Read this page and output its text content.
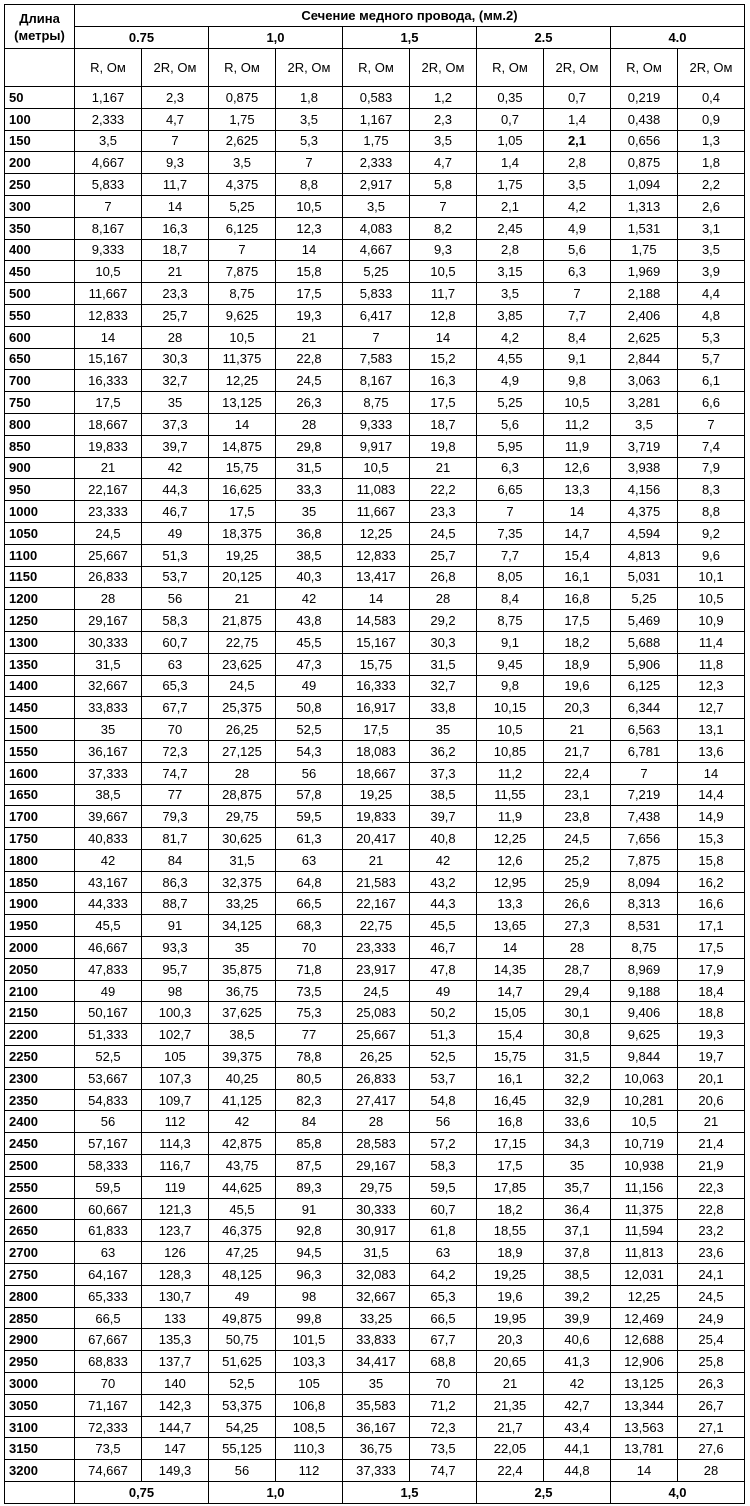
Длина
(метры)	Сечение медного провода, (мм.2)									
	0.75		1,0		1,5		2.5		4.0	
	R, Ом	2R, Ом	R, Ом	2R, Ом	R, Ом	2R, Ом	R, Ом	2R, Ом	R, Ом	2R, Ом
50	1,167	2,3	0,875	1,8	0,583	1,2	0,35	0,7	0,219	0,4
100	2,333	4,7	1,75	3,5	1,167	2,3	0,7	1,4	0,438	0,9
150	3,5	7	2,625	5,3	1,75	3,5	1,05	2,1	0,656	1,3
200	4,667	9,3	3,5	7	2,333	4,7	1,4	2,8	0,875	1,8
250	5,833	11,7	4,375	8,8	2,917	5,8	1,75	3,5	1,094	2,2
300	7	14	5,25	10,5	3,5	7	2,1	4,2	1,313	2,6
350	8,167	16,3	6,125	12,3	4,083	8,2	2,45	4,9	1,531	3,1
400	9,333	18,7	7	14	4,667	9,3	2,8	5,6	1,75	3,5
450	10,5	21	7,875	15,8	5,25	10,5	3,15	6,3	1,969	3,9
500	11,667	23,3	8,75	17,5	5,833	11,7	3,5	7	2,188	4,4
550	12,833	25,7	9,625	19,3	6,417	12,8	3,85	7,7	2,406	4,8
600	14	28	10,5	21	7	14	4,2	8,4	2,625	5,3
650	15,167	30,3	11,375	22,8	7,583	15,2	4,55	9,1	2,844	5,7
700	16,333	32,7	12,25	24,5	8,167	16,3	4,9	9,8	3,063	6,1
750	17,5	35	13,125	26,3	8,75	17,5	5,25	10,5	3,281	6,6
800	18,667	37,3	14	28	9,333	18,7	5,6	11,2	3,5	7
850	19,833	39,7	14,875	29,8	9,917	19,8	5,95	11,9	3,719	7,4
900	21	42	15,75	31,5	10,5	21	6,3	12,6	3,938	7,9
950	22,167	44,3	16,625	33,3	11,083	22,2	6,65	13,3	4,156	8,3
1000	23,333	46,7	17,5	35	11,667	23,3	7	14	4,375	8,8
1050	24,5	49	18,375	36,8	12,25	24,5	7,35	14,7	4,594	9,2
1100	25,667	51,3	19,25	38,5	12,833	25,7	7,7	15,4	4,813	9,6
1150	26,833	53,7	20,125	40,3	13,417	26,8	8,05	16,1	5,031	10,1
1200	28	56	21	42	14	28	8,4	16,8	5,25	10,5
1250	29,167	58,3	21,875	43,8	14,583	29,2	8,75	17,5	5,469	10,9
1300	30,333	60,7	22,75	45,5	15,167	30,3	9,1	18,2	5,688	11,4
1350	31,5	63	23,625	47,3	15,75	31,5	9,45	18,9	5,906	11,8
1400	32,667	65,3	24,5	49	16,333	32,7	9,8	19,6	6,125	12,3
1450	33,833	67,7	25,375	50,8	16,917	33,8	10,15	20,3	6,344	12,7
1500	35	70	26,25	52,5	17,5	35	10,5	21	6,563	13,1
1550	36,167	72,3	27,125	54,3	18,083	36,2	10,85	21,7	6,781	13,6
1600	37,333	74,7	28	56	18,667	37,3	11,2	22,4	7	14
1650	38,5	77	28,875	57,8	19,25	38,5	11,55	23,1	7,219	14,4
1700	39,667	79,3	29,75	59,5	19,833	39,7	11,9	23,8	7,438	14,9
1750	40,833	81,7	30,625	61,3	20,417	40,8	12,25	24,5	7,656	15,3
1800	42	84	31,5	63	21	42	12,6	25,2	7,875	15,8
1850	43,167	86,3	32,375	64,8	21,583	43,2	12,95	25,9	8,094	16,2
1900	44,333	88,7	33,25	66,5	22,167	44,3	13,3	26,6	8,313	16,6
1950	45,5	91	34,125	68,3	22,75	45,5	13,65	27,3	8,531	17,1
2000	46,667	93,3	35	70	23,333	46,7	14	28	8,75	17,5
2050	47,833	95,7	35,875	71,8	23,917	47,8	14,35	28,7	8,969	17,9
2100	49	98	36,75	73,5	24,5	49	14,7	29,4	9,188	18,4
2150	50,167	100,3	37,625	75,3	25,083	50,2	15,05	30,1	9,406	18,8
2200	51,333	102,7	38,5	77	25,667	51,3	15,4	30,8	9,625	19,3
2250	52,5	105	39,375	78,8	26,25	52,5	15,75	31,5	9,844	19,7
2300	53,667	107,3	40,25	80,5	26,833	53,7	16,1	32,2	10,063	20,1
2350	54,833	109,7	41,125	82,3	27,417	54,8	16,45	32,9	10,281	20,6
2400	56	112	42	84	28	56	16,8	33,6	10,5	21
2450	57,167	114,3	42,875	85,8	28,583	57,2	17,15	34,3	10,719	21,4
2500	58,333	116,7	43,75	87,5	29,167	58,3	17,5	35	10,938	21,9
2550	59,5	119	44,625	89,3	29,75	59,5	17,85	35,7	11,156	22,3
2600	60,667	121,3	45,5	91	30,333	60,7	18,2	36,4	11,375	22,8
2650	61,833	123,7	46,375	92,8	30,917	61,8	18,55	37,1	11,594	23,2
2700	63	126	47,25	94,5	31,5	63	18,9	37,8	11,813	23,6
2750	64,167	128,3	48,125	96,3	32,083	64,2	19,25	38,5	12,031	24,1
2800	65,333	130,7	49	98	32,667	65,3	19,6	39,2	12,25	24,5
2850	66,5	133	49,875	99,8	33,25	66,5	19,95	39,9	12,469	24,9
2900	67,667	135,3	50,75	101,5	33,833	67,7	20,3	40,6	12,688	25,4
2950	68,833	137,7	51,625	103,3	34,417	68,8	20,65	41,3	12,906	25,8
3000	70	140	52,5	105	35	70	21	42	13,125	26,3
3050	71,167	142,3	53,375	106,8	35,583	71,2	21,35	42,7	13,344	26,7
3100	72,333	144,7	54,25	108,5	36,167	72,3	21,7	43,4	13,563	27,1
3150	73,5	147	55,125	110,3	36,75	73,5	22,05	44,1	13,781	27,6
3200	74,667	149,3	56	112	37,333	74,7	22,4	44,8	14	28
	0,75		1,0		1,5		2,5		4,0	
